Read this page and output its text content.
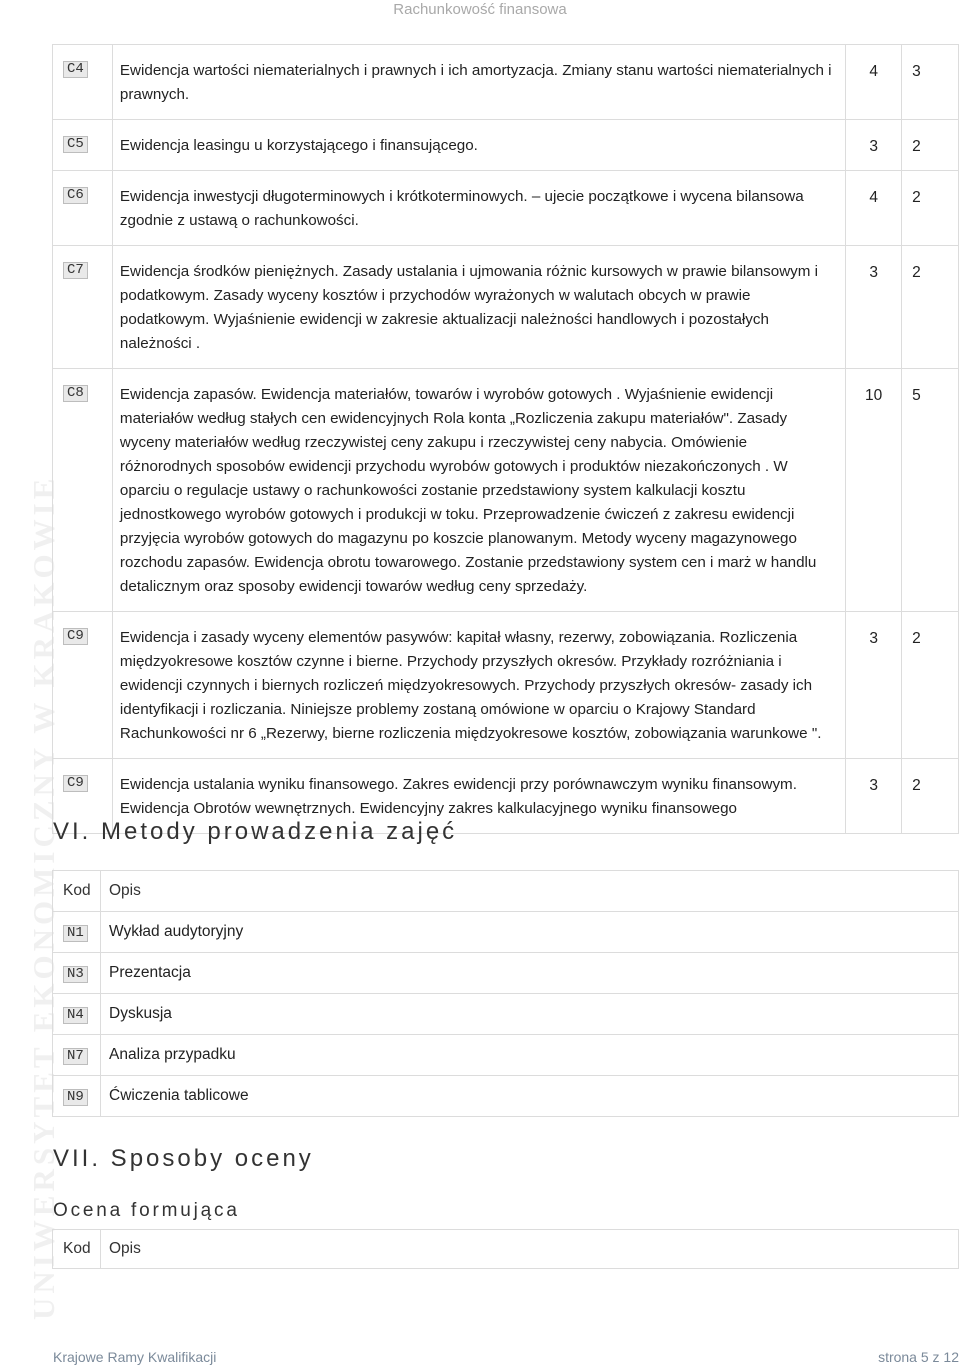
Rachunkowość finansowa
UNIWERSYTET EKONOMICZNY W KRAKOWIE
C4	Ewidencja wartości niematerialnych i prawnych i ich amortyzacja. Zmiany stanu wartości niematerialnych i prawnych.	4	3
C5	Ewidencja leasingu u korzystającego i finansującego.	3	2
C6	Ewidencja inwestycji długoterminowych i krótkoterminowych. – ujecie początkowe i wycena bilansowa zgodnie z ustawą o rachunkowości.	4	2
C7	Ewidencja środków pieniężnych. Zasady ustalania i ujmowania różnic kursowych w prawie bilansowym i podatkowym. Zasady wyceny kosztów i przychodów wyrażonych w walutach obcych w prawie podatkowym. Wyjaśnienie ewidencji w zakresie aktualizacji należności handlowych i pozostałych należności .	3	2
C8	Ewidencja zapasów. Ewidencja materiałów, towarów i wyrobów gotowych . Wyjaśnienie ewidencji materiałów według stałych cen ewidencyjnych Rola konta „Rozliczenia zakupu materiałów". Zasady wyceny materiałów według rzeczywistej ceny zakupu i rzeczywistej ceny nabycia. Omówienie różnorodnych sposobów ewidencji przychodu wyrobów gotowych i produktów niezakończonych . W oparciu o regulacje ustawy o rachunkowości zostanie przedstawiony system kalkulacji kosztu jednostkowego wyrobów gotowych i produkcji w toku. Przeprowadzenie ćwiczeń z zakresu ewidencji przyjęcia wyrobów gotowych do magazynu po koszcie planowanym. Metody wyceny magazynowego rozchodu zapasów. Ewidencja obrotu towarowego. Zostanie przedstawiony system cen i marż w handlu detalicznym oraz sposoby ewidencji towarów według ceny sprzedaży.	10	5
C9	Ewidencja i zasady wyceny elementów pasywów: kapitał własny, rezerwy, zobowiązania. Rozliczenia międzyokresowe kosztów czynne i bierne. Przychody przyszłych okresów. Przykłady rozróżniania i ewidencji czynnych i biernych rozliczeń międzyokresowych. Przychody przyszłych okresów- zasady ich identyfikacji i rozliczania. Niniejsze problemy zostaną omówione w oparciu o Krajowy Standard Rachunkowości nr 6 „Rezerwy, bierne rozliczenia międzyokresowe kosztów, zobowiązania warunkowe ".	3	2
C9	Ewidencja ustalania wyniku finansowego. Zakres ewidencji przy porównawczym wyniku finansowym. Ewidencja Obrotów wewnętrznych. Ewidencyjny zakres kalkulacyjnego wyniku finansowego	3	2
VI. Metody prowadzenia zajęć
Kod	Opis
N1	Wykład audytoryjny
N3	Prezentacja
N4	Dyskusja
N7	Analiza przypadku
N9	Ćwiczenia tablicowe
VII. Sposoby oceny
Ocena formująca
Kod	Opis
Krajowe Ramy Kwalifikacji	strona 5 z 12
